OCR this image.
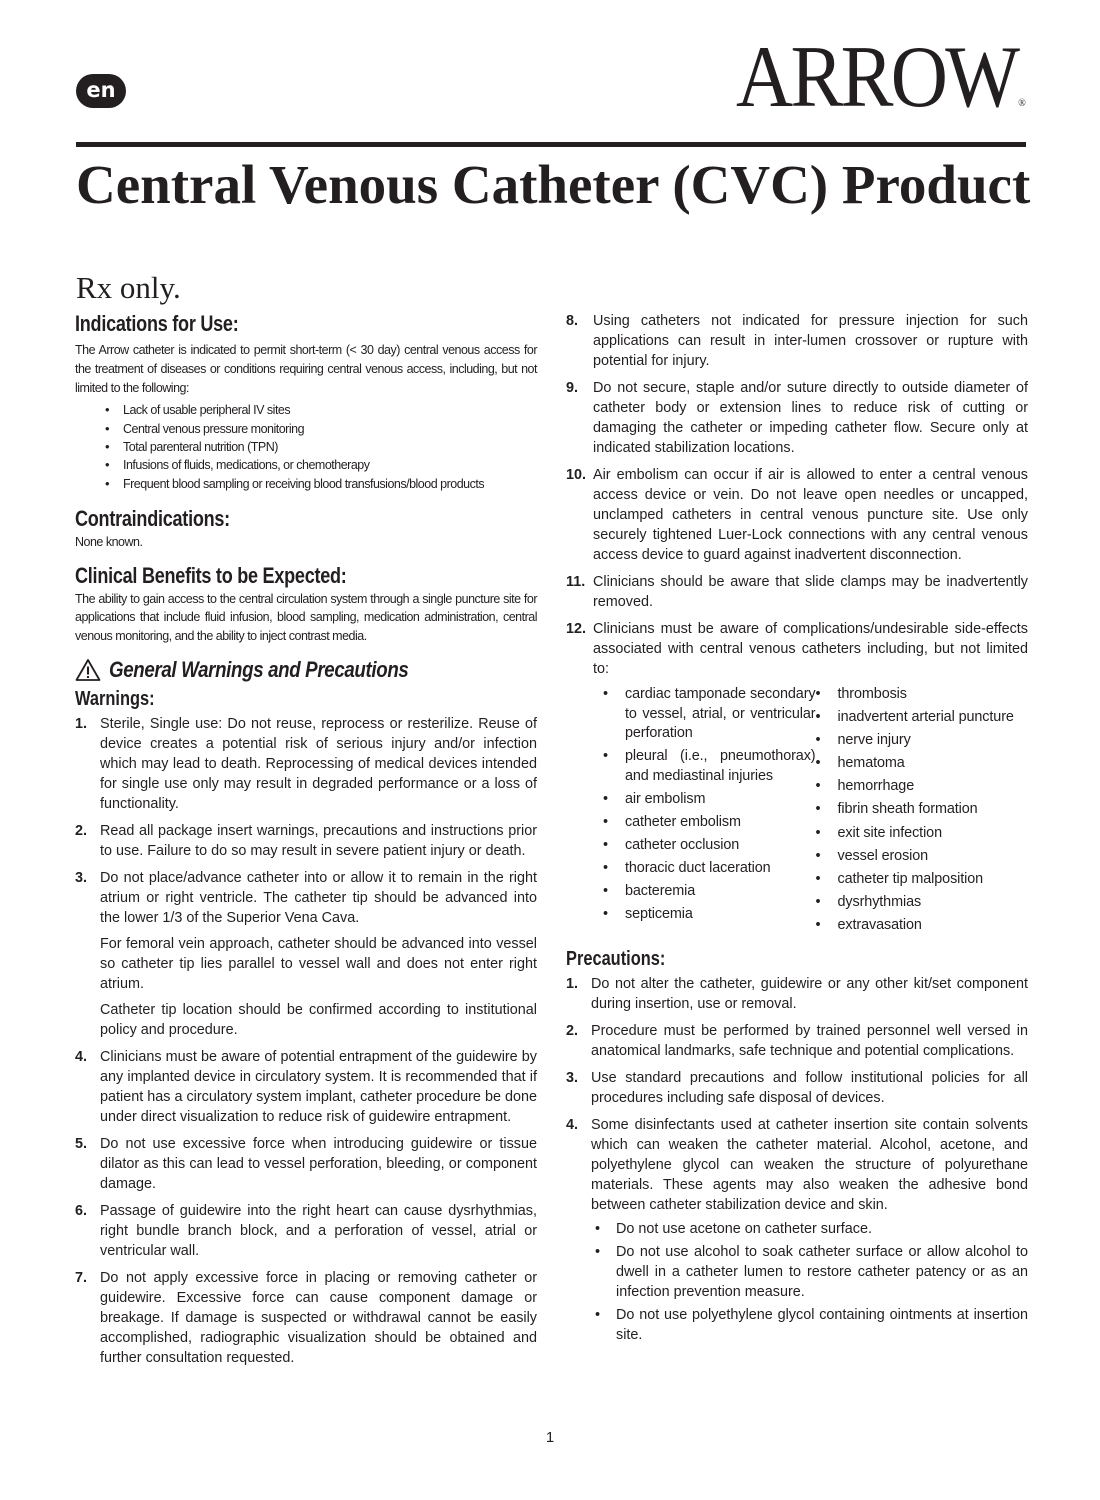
en	ARROW®
Central Venous Catheter (CVC) Product
Rx only.
Indications for Use:

The Arrow catheter is indicated to permit short-term (< 30 day) central venous access for the treatment of diseases or conditions requiring central venous access, including, but not limited to the following:

• Lack of usable peripheral IV sites
• Central venous pressure monitoring
• Total parenteral nutrition (TPN)
• Infusions of fluids, medications, or chemotherapy
• Frequent blood sampling or receiving blood transfusions/blood products
Contraindications:

None known.

Clinical Benefits to be Expected:

The ability to gain access to the central circulation system through a single puncture site for applications that include fluid infusion, blood sampling, medication administration, central venous monitoring, and the ability to inject contrast media.

General Warnings and Precautions
Warnings:
1. Sterile, Single use: Do not reuse, reprocess or resterilize. Reuse of device creates a potential risk of serious injury and/or infection which may lead to death. Reprocessing of medical devices intended for single use only may result in degraded performance or a loss of functionality.

2. Read all package insert warnings, precautions and instructions prior to use. Failure to do so may result in severe patient injury or death.

3. Do not place/advance catheter into or allow it to remain in the right atrium or right ventricle. The catheter tip should be advanced into the lower 1/3 of the Superior Vena Cava.

For femoral vein approach, catheter should be advanced into vessel so catheter tip lies parallel to vessel wall and does not enter right atrium.

Catheter tip location should be confirmed according to institutional policy and procedure.

4. Clinicians must be aware of potential entrapment of the guidewire by any implanted device in circulatory system. It is recommended that if patient has a circulatory system implant, catheter procedure be done under direct visualization to reduce risk of guidewire entrapment.

5. Do not use excessive force when introducing guidewire or tissue dilator as this can lead to vessel perforation, bleeding, or component damage.

6. Passage of guidewire into the right heart can cause dysrhythmias, right bundle branch block, and a perforation of vessel, atrial or ventricular wall.

7. Do not apply excessive force in placing or removing catheter or guidewire. Excessive force can cause component damage or breakage. If damage is suspected or withdrawal cannot be easily accomplished, radiographic visualization should be obtained and further consultation requested.

8. Using catheters not indicated for pressure injection for such applications can result in inter-lumen crossover or rupture with potential for injury.

9. Do not secure, staple and/or suture directly to outside diameter of catheter body or extension lines to reduce risk of cutting or damaging the catheter or impeding catheter flow. Secure only at indicated stabilization locations.

10. Air embolism can occur if air is allowed to enter a central venous access device or vein. Do not leave open needles or uncapped, unclamped catheters in central venous puncture site. Use only securely tightened Luer-Lock connections with any central venous access device to guard against inadvertent disconnection.

11. Clinicians should be aware that slide clamps may be inadvertently removed.

12. Clinicians must be aware of complications/undesirable side-effects associated with central venous catheters including, but not limited to:

• cardiac tamponade secondary to vessel, atrial, or ventricular perforation
• pleural (i.e., pneumothorax) and mediastinal injuries
• air embolism
• catheter embolism
• catheter occlusion
• thoracic duct laceration
• bacteremia
• septicemia
• thrombosis
• inadvertent arterial puncture
• nerve injury
• hematoma
• hemorrhage
• fibrin sheath formation
• exit site infection
• vessel erosion
• catheter tip malposition
• dysrhythmias
• extravasation
Precautions:
1. Do not alter the catheter, guidewire or any other kit/set component during insertion, use or removal.

2. Procedure must be performed by trained personnel well versed in anatomical landmarks, safe technique and potential complications.

3. Use standard precautions and follow institutional policies for all procedures including safe disposal of devices.

4. Some disinfectants used at catheter insertion site contain solvents which can weaken the catheter material. Alcohol, acetone, and polyethylene glycol can weaken the structure of polyurethane materials. These agents may also weaken the adhesive bond between catheter stabilization device and skin.

• Do not use acetone on catheter surface.
• Do not use alcohol to soak catheter surface or allow alcohol to dwell in a catheter lumen to restore catheter patency or as an infection prevention measure.
• Do not use polyethylene glycol containing ointments at insertion site.
1
